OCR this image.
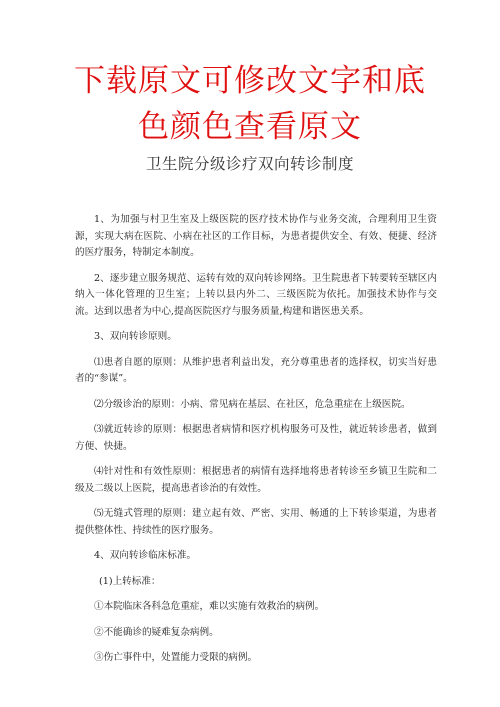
下载原文可修改文字和底
色颜色查看原文
卫生院分级诊疗双向转诊制度

1、为加强与村卫生室及上级医院的医疗技术协作与业务交流，合理利用卫生资源，实现大病在医院、小病在社区的工作目标，为患者提供安全、有效、便捷、经济的医疗服务，特制定本制度。

2、逐步建立服务规范、运转有效的双向转诊网络。卫生院患者下转要转至辖区内纳入一体化管理的卫生室；上转以县内外二、三级医院为依托。加强技术协作与交流。达到以患者为中心,提高医院医疗与服务质量,构建和谐医患关系。

3、双向转诊原则。

⑴患者自愿的原则：从维护患者利益出发，充分尊重患者的选择权，切实当好患者的“参谋”。

⑵分级诊治的原则：小病、常见病在基层、在社区，危急重症在上级医院。

⑶就近转诊的原则：根据患者病情和医疗机构服务可及性，就近转诊患者，做到方便、快捷。

⑷针对性和有效性原则：根据患者的病情有选择地将患者转诊至乡镇卫生院和二级及二级以上医院，提高患者诊治的有效性。

⑸无缝式管理的原则：建立起有效、严密、实用、畅通的上下转诊渠道，为患者提供整体性、持续性的医疗服务。

4、双向转诊临床标准。

(1)上转标准：

①本院临床各科急危重症，难以实施有效救治的病例。

②不能确诊的疑难复杂病例。

③伤亡事件中，处置能力受限的病例。
